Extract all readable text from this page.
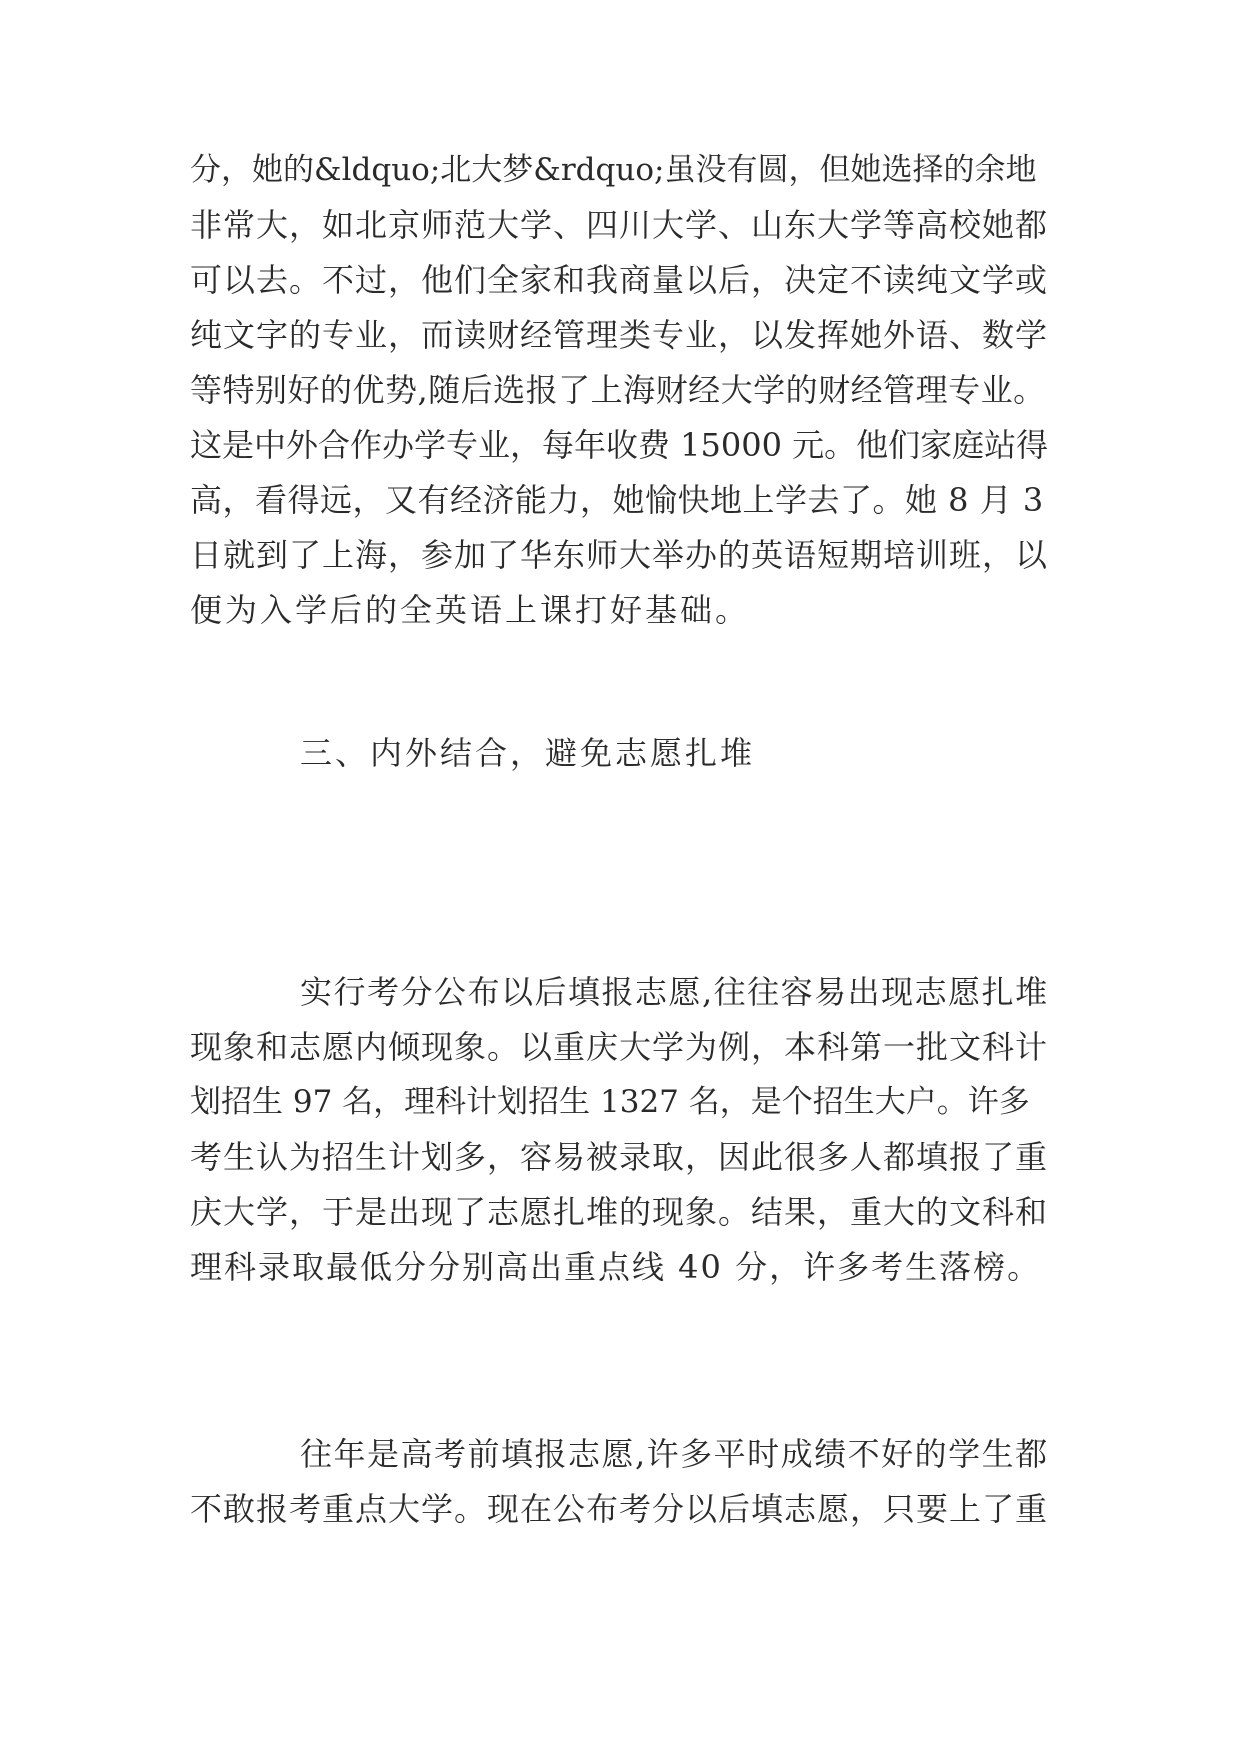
分，她的&ldquo;北大梦&rdquo;虽没有圆，但她选择的余地
非常大，如北京师范大学、四川大学、山东大学等高校她都
可以去。不过，他们全家和我商量以后，决定不读纯文学或
纯文字的专业，而读财经管理类专业，以发挥她外语、数学
等特别好的优势,随后选报了上海财经大学的财经管理专业。
这是中外合作办学专业，每年收费 15000 元。他们家庭站得
高，看得远，又有经济能力，她愉快地上学去了。她 8 月 3
日就到了上海，参加了华东师大举办的英语短期培训班，以
便为入学后的全英语上课打好基础。
三、内外结合，避免志愿扎堆
实行考分公布以后填报志愿,往往容易出现志愿扎堆
现象和志愿内倾现象。以重庆大学为例，本科第一批文科计
划招生 97 名，理科计划招生 1327 名，是个招生大户。许多
考生认为招生计划多，容易被录取，因此很多人都填报了重
庆大学，于是出现了志愿扎堆的现象。结果，重大的文科和
理科录取最低分分别高出重点线 40 分，许多考生落榜。
往年是高考前填报志愿,许多平时成绩不好的学生都
不敢报考重点大学。现在公布考分以后填志愿，只要上了重
